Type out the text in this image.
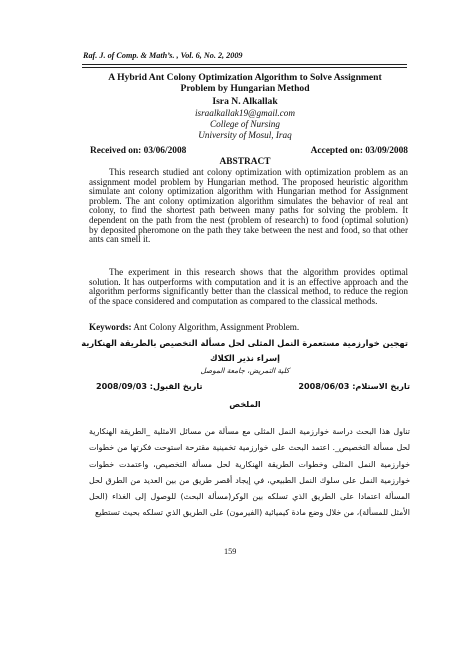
Raf. J. of Comp. & Math’s. , Vol. 6, No. 2, 2009
A Hybrid Ant Colony Optimization Algorithm to Solve Assignment
Problem by Hungarian Method
Isra N. Alkallak
israalkallak19@gmail.com
College of Nursing
University of Mosul, Iraq
Received on: 03/06/2008	Accepted on: 03/09/2008
ABSTRACT
This research studied ant colony optimization with optimization problem as an assignment model problem by Hungarian method. The proposed heuristic algorithm simulate ant colony optimization algorithm with Hungarian method for Assignment problem. The ant colony optimization algorithm simulates the behavior of real ant colony, to find the shortest path between many paths for solving the problem. It dependent on the path from the nest (problem of research) to food (optimal solution) by deposited pheromone on the path they take between the nest and food, so that other ants can smell it.
The experiment in this research shows that the algorithm provides optimal solution. It has outperforms with computation and it is an effective approach and the algorithm performs significantly better than the classical method, to reduce the region of the space considered and computation as compared to the classical methods.
Keywords: Ant Colony Algorithm, Assignment Problem.
تهجين خوارزمية مستعمرة النمل المثلى لحل مسألة التخصيص بالطريقة الهنكارية
إسراء نذير الكلاك
كلية التمريض، جامعة الموصل
تاريخ الاستلام: 2008/06/03
تاريخ القبول: 2008/09/03
الملخص
تناول هذا البحث دراسة خوارزمية النمل المثلى مع مسألة من مسائل الامثلية _الطريقة الهنكارية لحل مسألة التخصيص_. اعتمد البحث على خوارزمية تخمينية مقترحة استوحت فكرتها من خطوات خوارزمية النمل المثلى وخطوات الطريقة الهنكارية لحل مسألة التخصيص، واعتمدت خطوات خوارزمية النمل على سلوك النمل الطبيعي، في إيجاد أقصر طريق من بين العديد من الطرق لحل المسألة اعتمادا على الطريق الذي تسلكه بين الوكر(مسألة البحث) للوصول إلى الغذاء (الحل الأمثل للمسألة)، من خلال وضع مادة كيميائية (الفيرمون) على الطريق الذي تسلكه بحيث تستطيع
159
